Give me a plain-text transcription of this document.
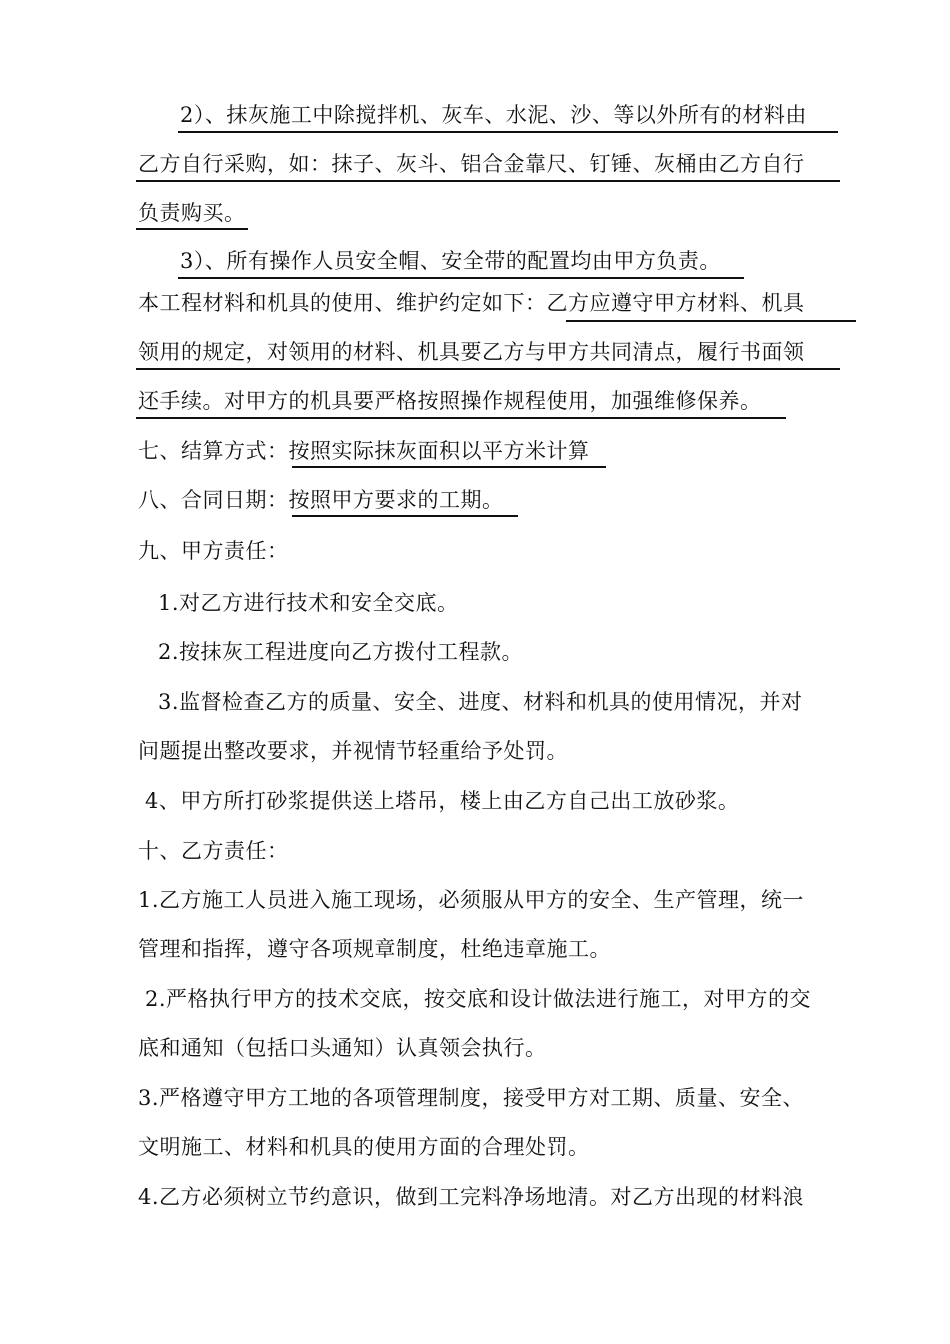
2）、抹灰施工中除搅拌机、灰车、水泥、沙、等以外所有的材料由
乙方自行采购，如：抹子、灰斗、铝合金靠尺、钉锤、灰桶由乙方自行
负责购买。
3）、所有操作人员安全帽、安全带的配置均由甲方负责。
本工程材料和机具的使用、维护约定如下：乙方应遵守甲方材料、机具
领用的规定，对领用的材料、机具要乙方与甲方共同清点，履行书面领
还手续。对甲方的机具要严格按照操作规程使用，加强维修保养。
七、结算方式：按照实际抹灰面积以平方米计算
八、合同日期：按照甲方要求的工期。
九、甲方责任：
1.对乙方进行技术和安全交底。
2.按抹灰工程进度向乙方拨付工程款。
3.监督检查乙方的质量、安全、进度、材料和机具的使用情况，并对
问题提出整改要求，并视情节轻重给予处罚。
4、甲方所打砂浆提供送上塔吊，楼上由乙方自己出工放砂浆。
十、乙方责任：
1.乙方施工人员进入施工现场，必须服从甲方的安全、生产管理，统一
管理和指挥，遵守各项规章制度，杜绝违章施工。
2.严格执行甲方的技术交底，按交底和设计做法进行施工，对甲方的交
底和通知（包括口头通知）认真领会执行。
3.严格遵守甲方工地的各项管理制度，接受甲方对工期、质量、安全、
文明施工、材料和机具的使用方面的合理处罚。
4.乙方必须树立节约意识，做到工完料净场地清。对乙方出现的材料浪
